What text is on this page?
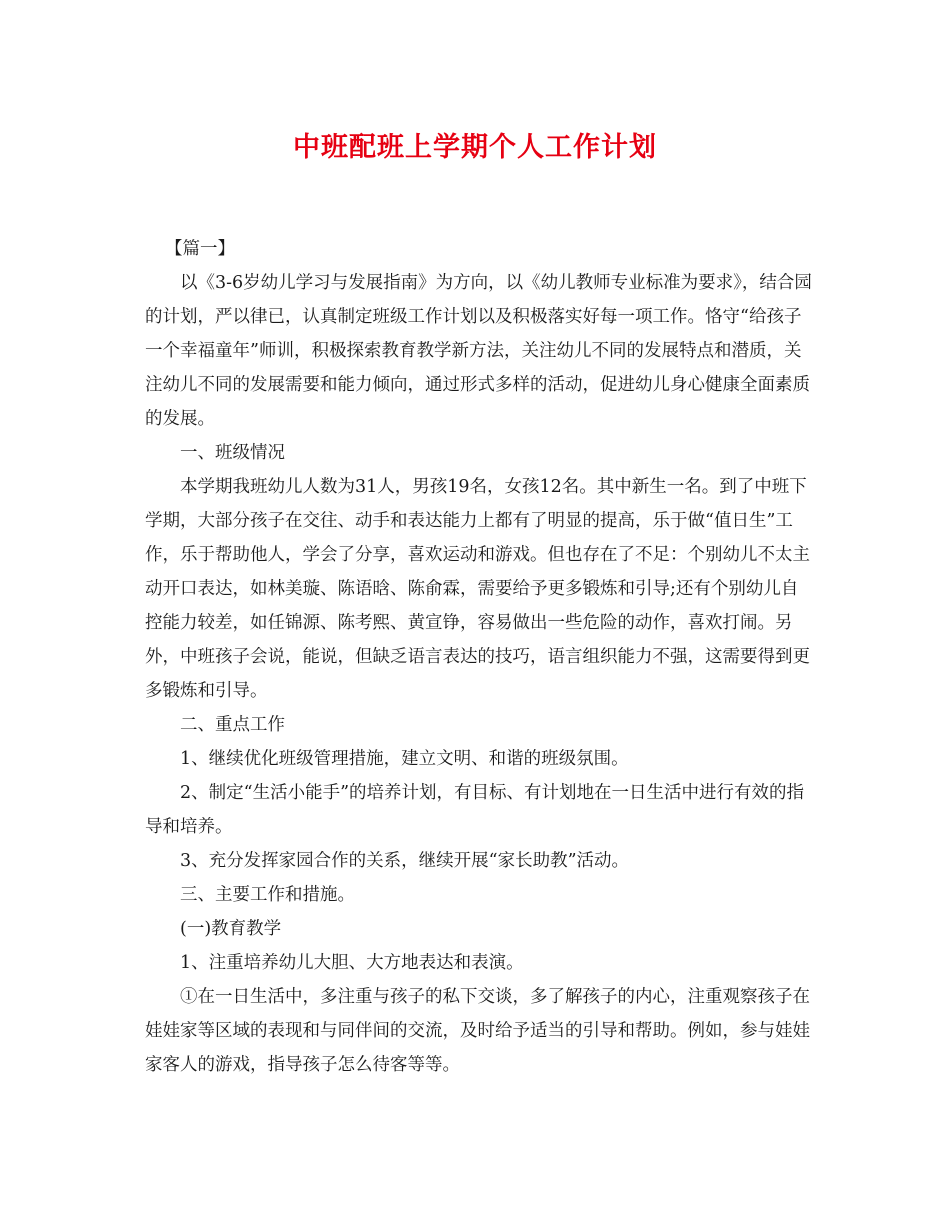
中班配班上学期个人工作计划

【篇一】

以《3-6岁幼儿学习与发展指南》为方向，以《幼儿教师专业标准为要求》，结合园的计划，严以律已，认真制定班级工作计划以及积极落实好每一项工作。恪守“给孩子一个幸福童年”师训，积极探索教育教学新方法，关注幼儿不同的发展特点和潜质，关注幼儿不同的发展需要和能力倾向，通过形式多样的活动，促进幼儿身心健康全面素质的发展。

一、班级情况

本学期我班幼儿人数为31人，男孩19名，女孩12名。其中新生一名。到了中班下学期，大部分孩子在交往、动手和表达能力上都有了明显的提高，乐于做“值日生”工作，乐于帮助他人，学会了分享，喜欢运动和游戏。但也存在了不足：个别幼儿不太主动开口表达，如林美璇、陈语晗、陈俞霖，需要给予更多锻炼和引导;还有个别幼儿自控能力较差，如任锦源、陈考熙、黄宣铮，容易做出一些危险的动作，喜欢打闹。另外，中班孩子会说，能说，但缺乏语言表达的技巧，语言组织能力不强，这需要得到更多锻炼和引导。

二、重点工作

1、继续优化班级管理措施，建立文明、和谐的班级氛围。

2、制定“生活小能手”的培养计划，有目标、有计划地在一日生活中进行有效的指导和培养。

3、充分发挥家园合作的关系，继续开展“家长助教”活动。

三、主要工作和措施。

(一)教育教学

1、注重培养幼儿大胆、大方地表达和表演。

①在一日生活中，多注重与孩子的私下交谈，多了解孩子的内心，注重观察孩子在娃娃家等区域的表现和与同伴间的交流，及时给予适当的引导和帮助。例如，参与娃娃家客人的游戏，指导孩子怎么待客等等。
